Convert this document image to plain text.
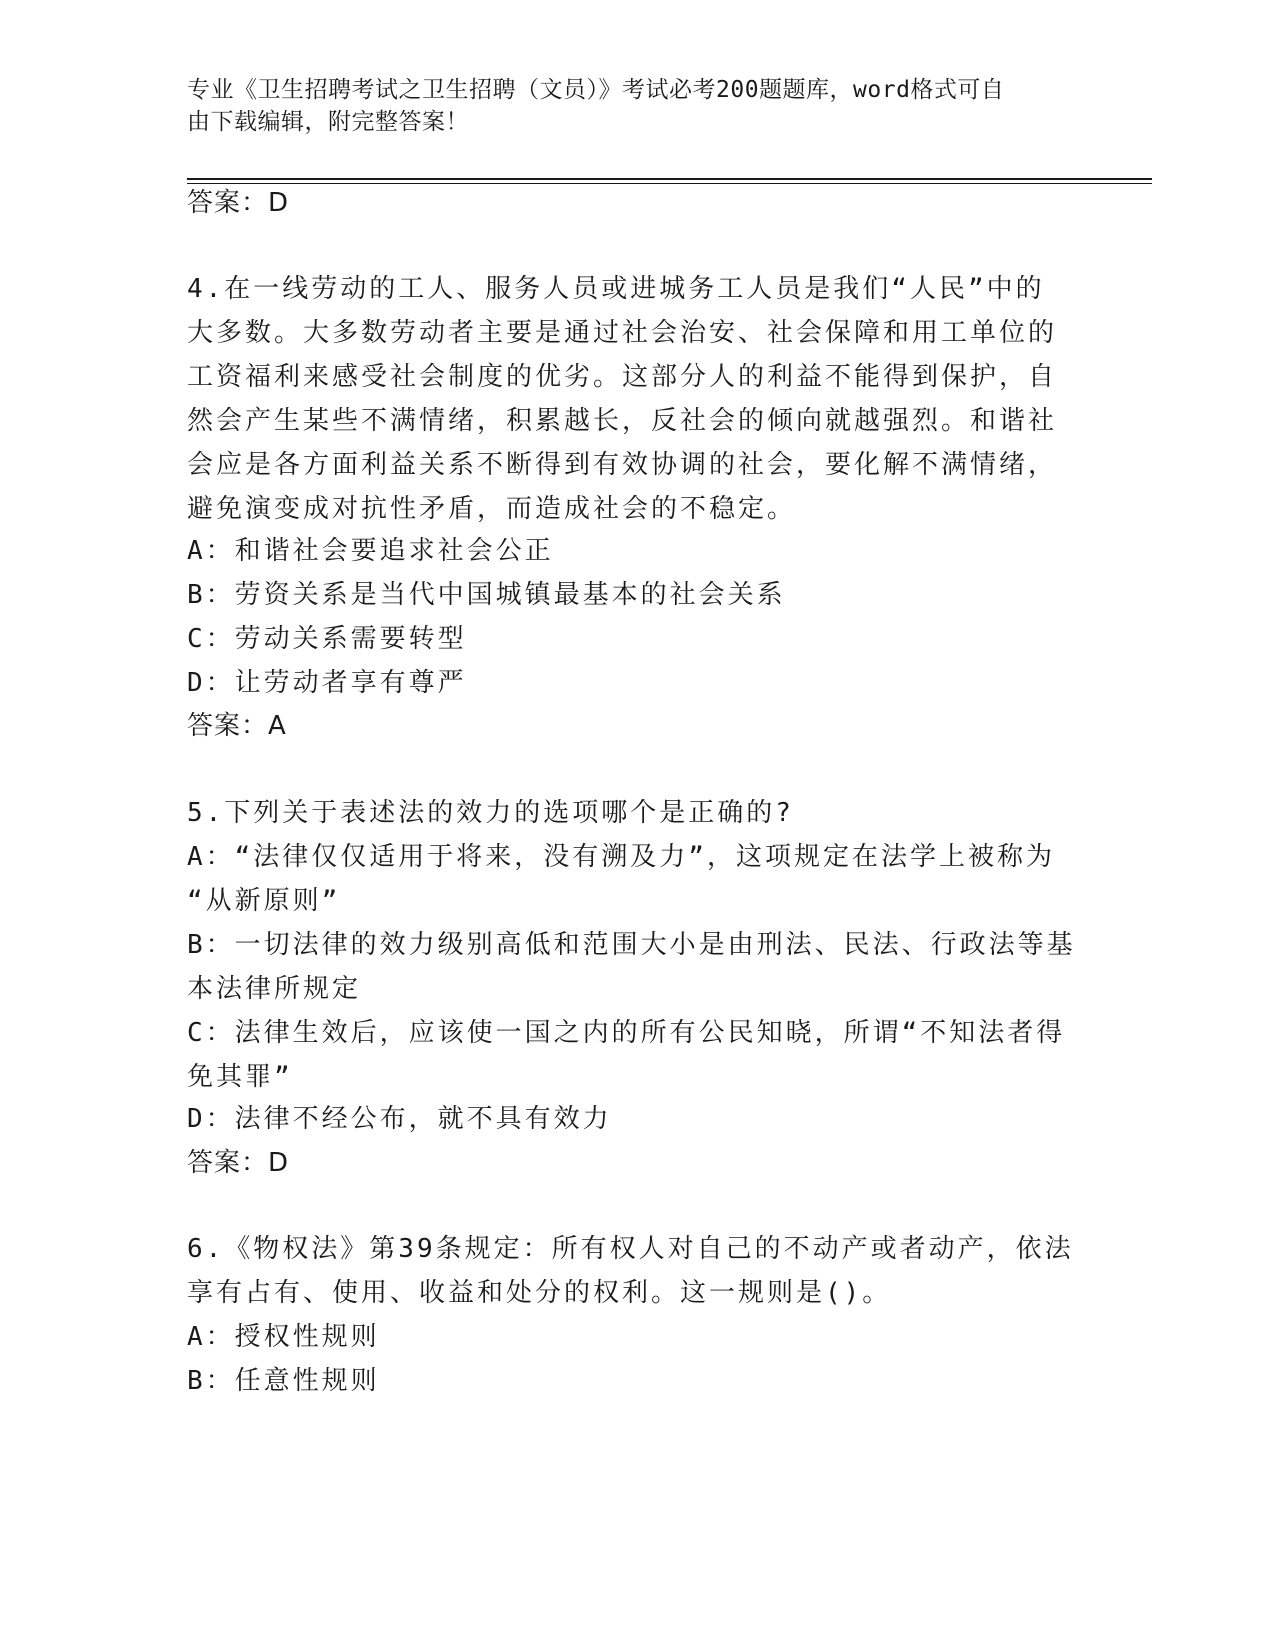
专业《卫生招聘考试之卫生招聘（文员）》考试必考200题题库，word格式可自
由下载编辑，附完整答案！
答案：D
4.在一线劳动的工人、服务人员或进城务工人员是我们“人民”中的
大多数。大多数劳动者主要是通过社会治安、社会保障和用工单位的
工资福利来感受社会制度的优劣。这部分人的利益不能得到保护，自
然会产生某些不满情绪，积累越长，反社会的倾向就越强烈。和谐社
会应是各方面利益关系不断得到有效协调的社会，要化解不满情绪，
避免演变成对抗性矛盾，而造成社会的不稳定。
A：和谐社会要追求社会公正
B：劳资关系是当代中国城镇最基本的社会关系
C：劳动关系需要转型
D：让劳动者享有尊严
答案：A
5.下列关于表述法的效力的选项哪个是正确的?
A：“法律仅仅适用于将来，没有溯及力”，这项规定在法学上被称为
“从新原则”
B：一切法律的效力级别高低和范围大小是由刑法、民法、行政法等基
本法律所规定
C：法律生效后，应该使一国之内的所有公民知晓，所谓“不知法者得
免其罪”
D：法律不经公布，就不具有效力
答案：D
6.《物权法》第39条规定：所有权人对自己的不动产或者动产，依法
享有占有、使用、收益和处分的权利。这一规则是()。
A：授权性规则
B：任意性规则
